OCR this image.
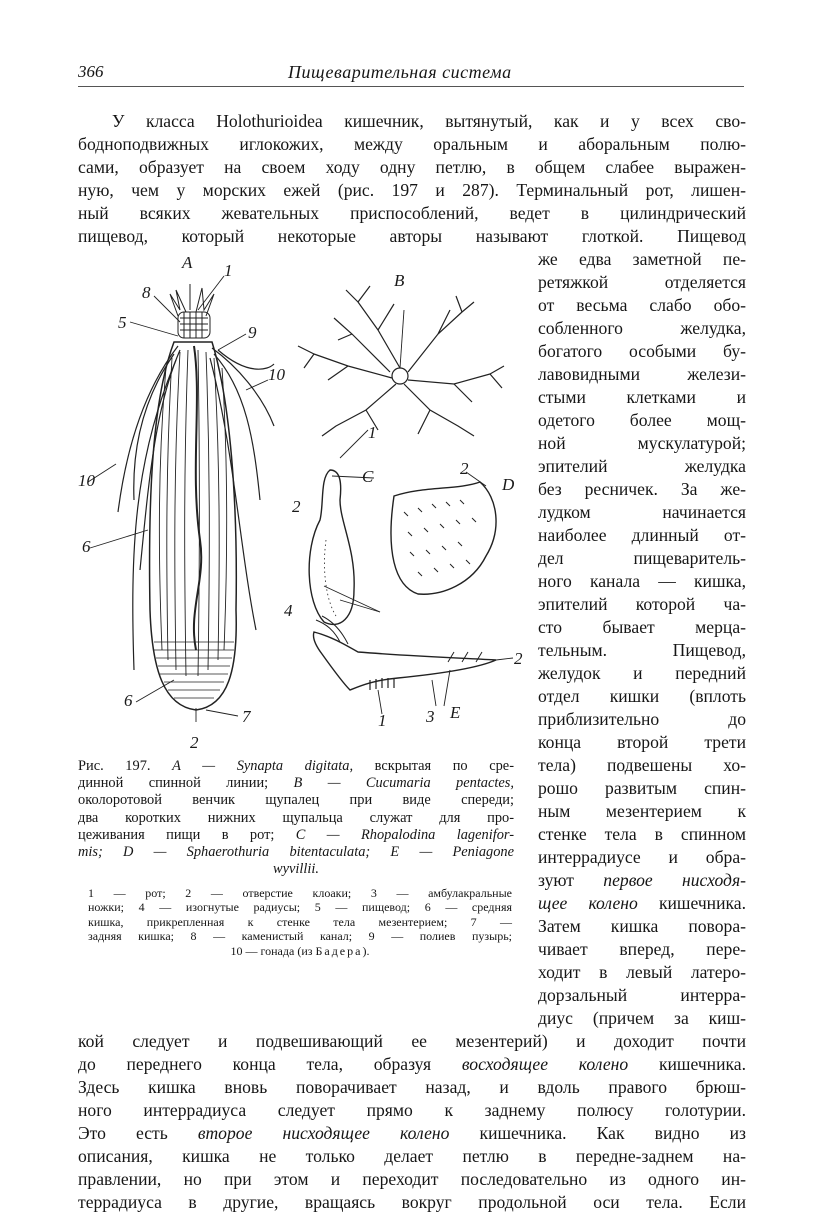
366	Пищеварительная система
У класса Holothurioidea кишечник, вытянутый, как и у всех сво-
бодноподвижных иглокожих, между оральным и аборальным полю-
сами, образует на своем ходу одну петлю, в общем слабее выражен-
ную, чем у морских ежей (рис. 197 и 287). Терминальный рот, лишен-
ный всяких жевательных приспособлений, ведет в цилиндрический
пищевод, который некоторые авторы называют глоткой. Пищевод
же едва заметной пе-
ретяжкой отделяется
от весьма слабо обо-
собленного желудка,
богатого особыми бу-
лавовидными желези-
стыми клетками и
одетого более мощ-
ной мускулатурой;
эпителий желудка
без ресничек. За же-
лудком начинается
наиболее длинный от-
дел пищеваритель-
ного канала — кишка,
эпителий которой ча-
сто бывает мерца-
тельным. Пищевод,
желудок и передний
отдел кишки (вплоть
приблизительно до
конца второй трети
тела) подвешены хо-
рошо развитым спин-
ным мезентерием к
стенке тела в спинном
интеррадиусе и обра-
зуют первое нисходя-
щее колено кишечника.
Затем кишка повора-
чивает вперед, пере-
ходит в левый латеро-
дорзальный интерра-
диус (причем за киш-
A 1
8
5
9
10
10
6
6
7
2
B
1
C
2
2
D
4
2
1 3 E
Рис. 197. A — Synapta digitata, вскрытая по сре-
динной спинной линии; B — Cucumaria pentactes,
околоротовой венчик щупалец при виде спереди;
два коротких нижних щупальца служат для про-
цеживания пищи в рот; C — Rhopalodina lagenifor-
mis; D — Sphaerothuria bitentaculata; E — Peniagone
wyvillii.
1 — рот; 2 — отверстие клоаки; 3 — амбулакральные
ножки; 4 — изогнутые радиусы; 5 — пищевод; 6 — средняя
кишка, прикрепленная к стенке тела мезентерием; 7 —
задняя кишка; 8 — каменистый канал; 9 — полиев пузырь;
10 — гонада (из Бадера).
кой следует и подвешивающий ее мезентерий) и доходит почти
до переднего конца тела, образуя восходящее колено кишечника.
Здесь кишка вновь поворачивает назад, и вдоль правого брюш-
ного интеррадиуса следует прямо к заднему полюсу голотурии.
Это есть второе нисходящее колено кишечника. Как видно из
описания, кишка не только делает петлю в передне-заднем на-
правлении, но при этом и переходит последовательно из одного ин-
террадиуса в другие, вращаясь вокруг продольной оси тела. Если
